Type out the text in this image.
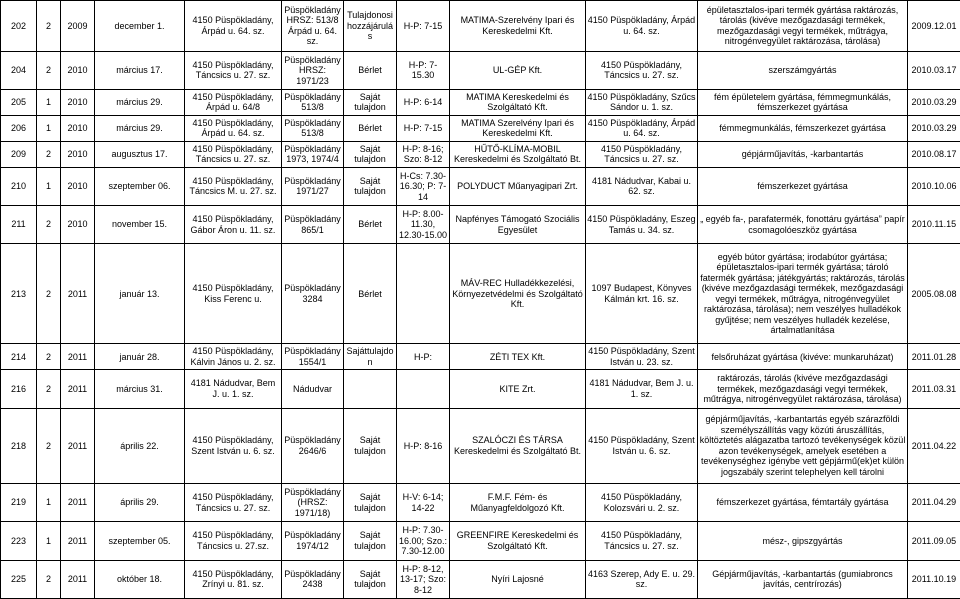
202	2	2009	december 1.	4150 Püspökladány, Árpád u. 64. sz.	Püspökladány HRSZ: 513/8 Árpád u. 64. sz.	Tulajdonosi hozzájárulás	H-P: 7-15	MATIMA-Szerelvény Ipari és Kereskedelmi Kft.	4150 Püspökladány, Árpád u. 64. sz.	épületasztalos-ipari termék gyártása raktározás, tárolás (kivéve mezőgazdasági termékek, mezőgazdasági vegyi termékek, műtrágya, nitrogénvegyület raktározása, tárolása)	2009.12.01
204	2	2010	március 17.	4150 Püspökladány, Táncsics u. 27. sz.	Püspökladány HRSZ: 1971/23	Bérlet	H-P: 7-15.30	UL-GÉP Kft.	4150 Püspökladány, Táncsics u. 27. sz.	szerszámgyártás	2010.03.17
205	1	2010	március 29.	4150 Püspökladány, Árpád u. 64/8	Püspökladány 513/8	Saját tulajdon	H-P: 6-14	MATIMA Kereskedelmi és Szolgáltató Kft.	4150 Püspökladány, Szűcs Sándor u. 1. sz.	fém épületelem gyártása, fémmegmunkálás, fémszerkezet gyártása	2010.03.29
206	1	2010	március 29.	4150 Püspökladány, Árpád u. 64. sz.	Püspökladány 513/8	Bérlet	H-P: 7-15	MATIMA Szerelvény Ipari és Kereskedelmi Kft.	4150 Püspökladány, Árpád u. 64. sz.	fémmegmunkálás, fémszerkezet gyártása	2010.03.29
209	2	2010	augusztus 17.	4150 Püspökladány, Táncsics u. 27. sz.	Püspökladány 1973, 1974/4	Saját tulajdon	H-P: 8-16; Szo: 8-12	HŰTŐ-KLÍMA-MOBIL Kereskedelmi és Szolgáltató Bt.	4150 Püspökladány, Táncsics u. 27. sz.	gépjárműjavítás, -karbantartás	2010.08.17
210	1	2010	szeptember 06.	4150 Püspökladány, Táncsics M. u. 27. sz.	Püspökladány 1971/27	Saját tulajdon	H-Cs: 7.30-16.30; P: 7-14	POLYDUCT Műanyagipari Zrt.	4181 Nádudvar, Kabai u. 62. sz.	fémszerkezet gyártása	2010.10.06
211	2	2010	november 15.	4150 Püspökladány, Gábor Áron u. 11. sz.	Püspökladány 865/1	Bérlet	H-P: 8.00-11.30, 12.30-15.00	Napfényes Támogató Szociális Egyesület	4150 Püspökladány, Eszeg Tamás u. 34. sz.	„ egyéb fa-, parafatermék, fonottáru gyártása” papír csomagolóeszköz gyártása	2010.11.15
213	2	2011	január 13.	4150 Püspökladány, Kiss Ferenc u.	Püspökladány 3284	Bérlet		MÁV-REC Hulladékkezelési, Környezetvédelmi és Szolgáltató Kft.	1097 Budapest, Könyves Kálmán krt. 16. sz.	egyéb bútor gyártása; irodabútor gyártása; épületasztalos-ipari termék gyártása; tároló fatermék gyártása; játékgyártás; raktározás, tárolás (kivéve mezőgazdasági termékek, mezőgazdasági vegyi termékek, műtrágya, nitrogénvegyület raktározása, tárolása); nem veszélyes hulladékok gyűjtése; nem veszélyes hulladék kezelése, ártalmatlanítása	2005.08.08
214	2	2011	január 28.	4150 Püspökladány, Kálvin János u. 2. sz.	Püspökladány 1554/1	Sajáttulajdon	H-P:	ZÉTI TEX Kft.	4150 Püspökladány, Szent István u. 23. sz.	felsőruházat gyártása (kivéve: munkaruházat)	2011.01.28
216	2	2011	március 31.	4181 Nádudvar, Bem J. u. 1. sz.	Nádudvar			KITE Zrt.	4181 Nádudvar, Bem J. u. 1. sz.	raktározás, tárolás (kivéve mezőgazdasági termékek, mezőgazdasági vegyi termékek, műtrágya, nitrogénvegyület raktározása, tárolása)	2011.03.31
218	2	2011	április 22.	4150 Püspökladány, Szent István u. 6. sz.	Püspökladány 2646/6	Saját tulajdon	H-P: 8-16	SZALÓCZI ÉS TÁRSA Kereskedelmi és Szolgáltató Bt.	4150 Püspökladány, Szent István u. 6. sz.	gépjárműjavítás, -karbantartás egyéb szárazföldi személyszállítás vagy közúti áruszállítás, költöztetés alágazatba tartozó tevékenységek közül azon tevékenységek, amelyek esetében a tevékenységhez igénybe vett gépjármű(ek)et külön jogszabály szerint telephelyen kell tárolni	2011.04.22
219	1	2011	április 29.	4150 Püspökladány, Táncsics u. 27. sz.	Püspökladány (HRSZ: 1971/18)	Saját tulajdon	H-V: 6-14; 14-22	F.M.F. Fém- és Műanyagfeldolgozó Kft.	4150 Püspökladány, Kolozsvári u. 2. sz.	fémszerkezet gyártása, fémtartály gyártása	2011.04.29
223	1	2011	szeptember 05.	4150 Püspökladány, Táncsics u. 27.sz.	Püspökladány 1974/12	Saját tulajdon	H-P: 7.30-16.00; Szo.: 7.30-12.00	GREENFIRE Kereskedelmi és Szolgáltató Kft.	4150 Püspökladány, Táncsics u. 27. sz.	mész-, gipszgyártás	2011.09.05
225	2	2011	október 18.	4150 Püspökladány, Zrínyi u. 81. sz.	Püspökladány 2438	Saját tulajdon	H-P: 8-12, 13-17; Szo: 8-12	Nyíri Lajosné	4163 Szerep, Ady E. u. 29. sz.	Gépjárműjavítás, -karbantartás (gumiabroncs javítás, centrírozás)	2011.10.19
